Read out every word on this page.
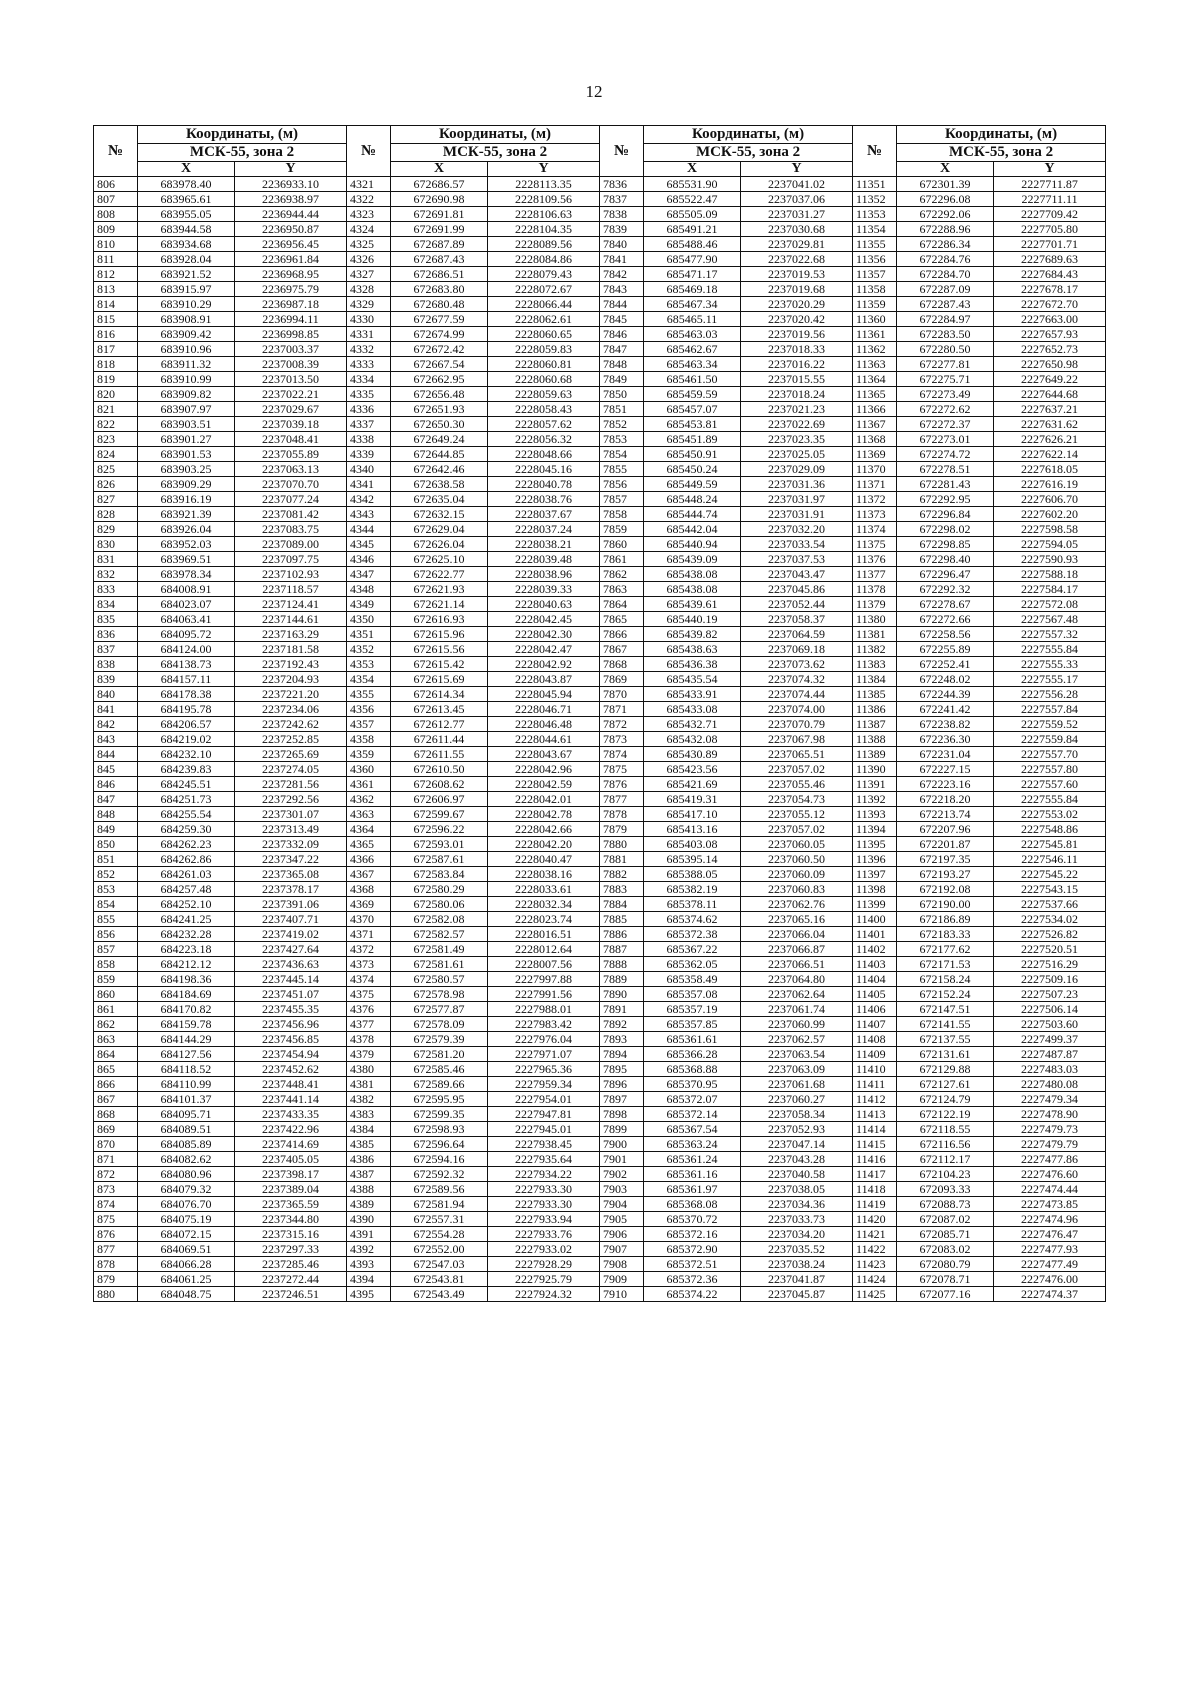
12
№	Координаты, (м)		№	Координаты, (м)		№	Координаты, (м)		№	Координаты, (м)	
	МСК-55, зона 2			МСК-55, зона 2			МСК-55, зона 2			МСК-55, зона 2	
	X	Y		X	Y		X	Y		X	Y
806	683978.40	2236933.10	4321	672686.57	2228113.35	7836	685531.90	2237041.02	11351	672301.39	2227711.87
807	683965.61	2236938.97	4322	672690.98	2228109.56	7837	685522.47	2237037.06	11352	672296.08	2227711.11
808	683955.05	2236944.44	4323	672691.81	2228106.63	7838	685505.09	2237031.27	11353	672292.06	2227709.42
809	683944.58	2236950.87	4324	672691.99	2228104.35	7839	685491.21	2237030.68	11354	672288.96	2227705.80
810	683934.68	2236956.45	4325	672687.89	2228089.56	7840	685488.46	2237029.81	11355	672286.34	2227701.71
811	683928.04	2236961.84	4326	672687.43	2228084.86	7841	685477.90	2237022.68	11356	672284.76	2227689.63
812	683921.52	2236968.95	4327	672686.51	2228079.43	7842	685471.17	2237019.53	11357	672284.70	2227684.43
813	683915.97	2236975.79	4328	672683.80	2228072.67	7843	685469.18	2237019.68	11358	672287.09	2227678.17
814	683910.29	2236987.18	4329	672680.48	2228066.44	7844	685467.34	2237020.29	11359	672287.43	2227672.70
815	683908.91	2236994.11	4330	672677.59	2228062.61	7845	685465.11	2237020.42	11360	672284.97	2227663.00
816	683909.42	2236998.85	4331	672674.99	2228060.65	7846	685463.03	2237019.56	11361	672283.50	2227657.93
817	683910.96	2237003.37	4332	672672.42	2228059.83	7847	685462.67	2237018.33	11362	672280.50	2227652.73
818	683911.32	2237008.39	4333	672667.54	2228060.81	7848	685463.34	2237016.22	11363	672277.81	2227650.98
819	683910.99	2237013.50	4334	672662.95	2228060.68	7849	685461.50	2237015.55	11364	672275.71	2227649.22
820	683909.82	2237022.21	4335	672656.48	2228059.63	7850	685459.59	2237018.24	11365	672273.49	2227644.68
821	683907.97	2237029.67	4336	672651.93	2228058.43	7851	685457.07	2237021.23	11366	672272.62	2227637.21
822	683903.51	2237039.18	4337	672650.30	2228057.62	7852	685453.81	2237022.69	11367	672272.37	2227631.62
823	683901.27	2237048.41	4338	672649.24	2228056.32	7853	685451.89	2237023.35	11368	672273.01	2227626.21
824	683901.53	2237055.89	4339	672644.85	2228048.66	7854	685450.91	2237025.05	11369	672274.72	2227622.14
825	683903.25	2237063.13	4340	672642.46	2228045.16	7855	685450.24	2237029.09	11370	672278.51	2227618.05
826	683909.29	2237070.70	4341	672638.58	2228040.78	7856	685449.59	2237031.36	11371	672281.43	2227616.19
827	683916.19	2237077.24	4342	672635.04	2228038.76	7857	685448.24	2237031.97	11372	672292.95	2227606.70
828	683921.39	2237081.42	4343	672632.15	2228037.67	7858	685444.74	2237031.91	11373	672296.84	2227602.20
829	683926.04	2237083.75	4344	672629.04	2228037.24	7859	685442.04	2237032.20	11374	672298.02	2227598.58
830	683952.03	2237089.00	4345	672626.04	2228038.21	7860	685440.94	2237033.54	11375	672298.85	2227594.05
831	683969.51	2237097.75	4346	672625.10	2228039.48	7861	685439.09	2237037.53	11376	672298.40	2227590.93
832	683978.34	2237102.93	4347	672622.77	2228038.96	7862	685438.08	2237043.47	11377	672296.47	2227588.18
833	684008.91	2237118.57	4348	672621.93	2228039.33	7863	685438.08	2237045.86	11378	672292.32	2227584.17
834	684023.07	2237124.41	4349	672621.14	2228040.63	7864	685439.61	2237052.44	11379	672278.67	2227572.08
835	684063.41	2237144.61	4350	672616.93	2228042.45	7865	685440.19	2237058.37	11380	672272.66	2227567.48
836	684095.72	2237163.29	4351	672615.96	2228042.30	7866	685439.82	2237064.59	11381	672258.56	2227557.32
837	684124.00	2237181.58	4352	672615.56	2228042.47	7867	685438.63	2237069.18	11382	672255.89	2227555.84
838	684138.73	2237192.43	4353	672615.42	2228042.92	7868	685436.38	2237073.62	11383	672252.41	2227555.33
839	684157.11	2237204.93	4354	672615.69	2228043.87	7869	685435.54	2237074.32	11384	672248.02	2227555.17
840	684178.38	2237221.20	4355	672614.34	2228045.94	7870	685433.91	2237074.44	11385	672244.39	2227556.28
841	684195.78	2237234.06	4356	672613.45	2228046.71	7871	685433.08	2237074.00	11386	672241.42	2227557.84
842	684206.57	2237242.62	4357	672612.77	2228046.48	7872	685432.71	2237070.79	11387	672238.82	2227559.52
843	684219.02	2237252.85	4358	672611.44	2228044.61	7873	685432.08	2237067.98	11388	672236.30	2227559.84
844	684232.10	2237265.69	4359	672611.55	2228043.67	7874	685430.89	2237065.51	11389	672231.04	2227557.70
845	684239.83	2237274.05	4360	672610.50	2228042.96	7875	685423.56	2237057.02	11390	672227.15	2227557.80
846	684245.51	2237281.56	4361	672608.62	2228042.59	7876	685421.69	2237055.46	11391	672223.16	2227557.60
847	684251.73	2237292.56	4362	672606.97	2228042.01	7877	685419.31	2237054.73	11392	672218.20	2227555.84
848	684255.54	2237301.07	4363	672599.67	2228042.78	7878	685417.10	2237055.12	11393	672213.74	2227553.02
849	684259.30	2237313.49	4364	672596.22	2228042.66	7879	685413.16	2237057.02	11394	672207.96	2227548.86
850	684262.23	2237332.09	4365	672593.01	2228042.20	7880	685403.08	2237060.05	11395	672201.87	2227545.81
851	684262.86	2237347.22	4366	672587.61	2228040.47	7881	685395.14	2237060.50	11396	672197.35	2227546.11
852	684261.03	2237365.08	4367	672583.84	2228038.16	7882	685388.05	2237060.09	11397	672193.27	2227545.22
853	684257.48	2237378.17	4368	672580.29	2228033.61	7883	685382.19	2237060.83	11398	672192.08	2227543.15
854	684252.10	2237391.06	4369	672580.06	2228032.34	7884	685378.11	2237062.76	11399	672190.00	2227537.66
855	684241.25	2237407.71	4370	672582.08	2228023.74	7885	685374.62	2237065.16	11400	672186.89	2227534.02
856	684232.28	2237419.02	4371	672582.57	2228016.51	7886	685372.38	2237066.04	11401	672183.33	2227526.82
857	684223.18	2237427.64	4372	672581.49	2228012.64	7887	685367.22	2237066.87	11402	672177.62	2227520.51
858	684212.12	2237436.63	4373	672581.61	2228007.56	7888	685362.05	2237066.51	11403	672171.53	2227516.29
859	684198.36	2237445.14	4374	672580.57	2227997.88	7889	685358.49	2237064.80	11404	672158.24	2227509.16
860	684184.69	2237451.07	4375	672578.98	2227991.56	7890	685357.08	2237062.64	11405	672152.24	2227507.23
861	684170.82	2237455.35	4376	672577.87	2227988.01	7891	685357.19	2237061.74	11406	672147.51	2227506.14
862	684159.78	2237456.96	4377	672578.09	2227983.42	7892	685357.85	2237060.99	11407	672141.55	2227503.60
863	684144.29	2237456.85	4378	672579.39	2227976.04	7893	685361.61	2237062.57	11408	672137.55	2227499.37
864	684127.56	2237454.94	4379	672581.20	2227971.07	7894	685366.28	2237063.54	11409	672131.61	2227487.87
865	684118.52	2237452.62	4380	672585.46	2227965.36	7895	685368.88	2237063.09	11410	672129.88	2227483.03
866	684110.99	2237448.41	4381	672589.66	2227959.34	7896	685370.95	2237061.68	11411	672127.61	2227480.08
867	684101.37	2237441.14	4382	672595.95	2227954.01	7897	685372.07	2237060.27	11412	672124.79	2227479.34
868	684095.71	2237433.35	4383	672599.35	2227947.81	7898	685372.14	2237058.34	11413	672122.19	2227478.90
869	684089.51	2237422.96	4384	672598.93	2227945.01	7899	685367.54	2237052.93	11414	672118.55	2227479.73
870	684085.89	2237414.69	4385	672596.64	2227938.45	7900	685363.24	2237047.14	11415	672116.56	2227479.79
871	684082.62	2237405.05	4386	672594.16	2227935.64	7901	685361.24	2237043.28	11416	672112.17	2227477.86
872	684080.96	2237398.17	4387	672592.32	2227934.22	7902	685361.16	2237040.58	11417	672104.23	2227476.60
873	684079.32	2237389.04	4388	672589.56	2227933.30	7903	685361.97	2237038.05	11418	672093.33	2227474.44
874	684076.70	2237365.59	4389	672581.94	2227933.30	7904	685368.08	2237034.36	11419	672088.73	2227473.85
875	684075.19	2237344.80	4390	672557.31	2227933.94	7905	685370.72	2237033.73	11420	672087.02	2227474.96
876	684072.15	2237315.16	4391	672554.28	2227933.76	7906	685372.16	2237034.20	11421	672085.71	2227476.47
877	684069.51	2237297.33	4392	672552.00	2227933.02	7907	685372.90	2237035.52	11422	672083.02	2227477.93
878	684066.28	2237285.46	4393	672547.03	2227928.29	7908	685372.51	2237038.24	11423	672080.79	2227477.49
879	684061.25	2237272.44	4394	672543.81	2227925.79	7909	685372.36	2237041.87	11424	672078.71	2227476.00
880	684048.75	2237246.51	4395	672543.49	2227924.32	7910	685374.22	2237045.87	11425	672077.16	2227474.37
